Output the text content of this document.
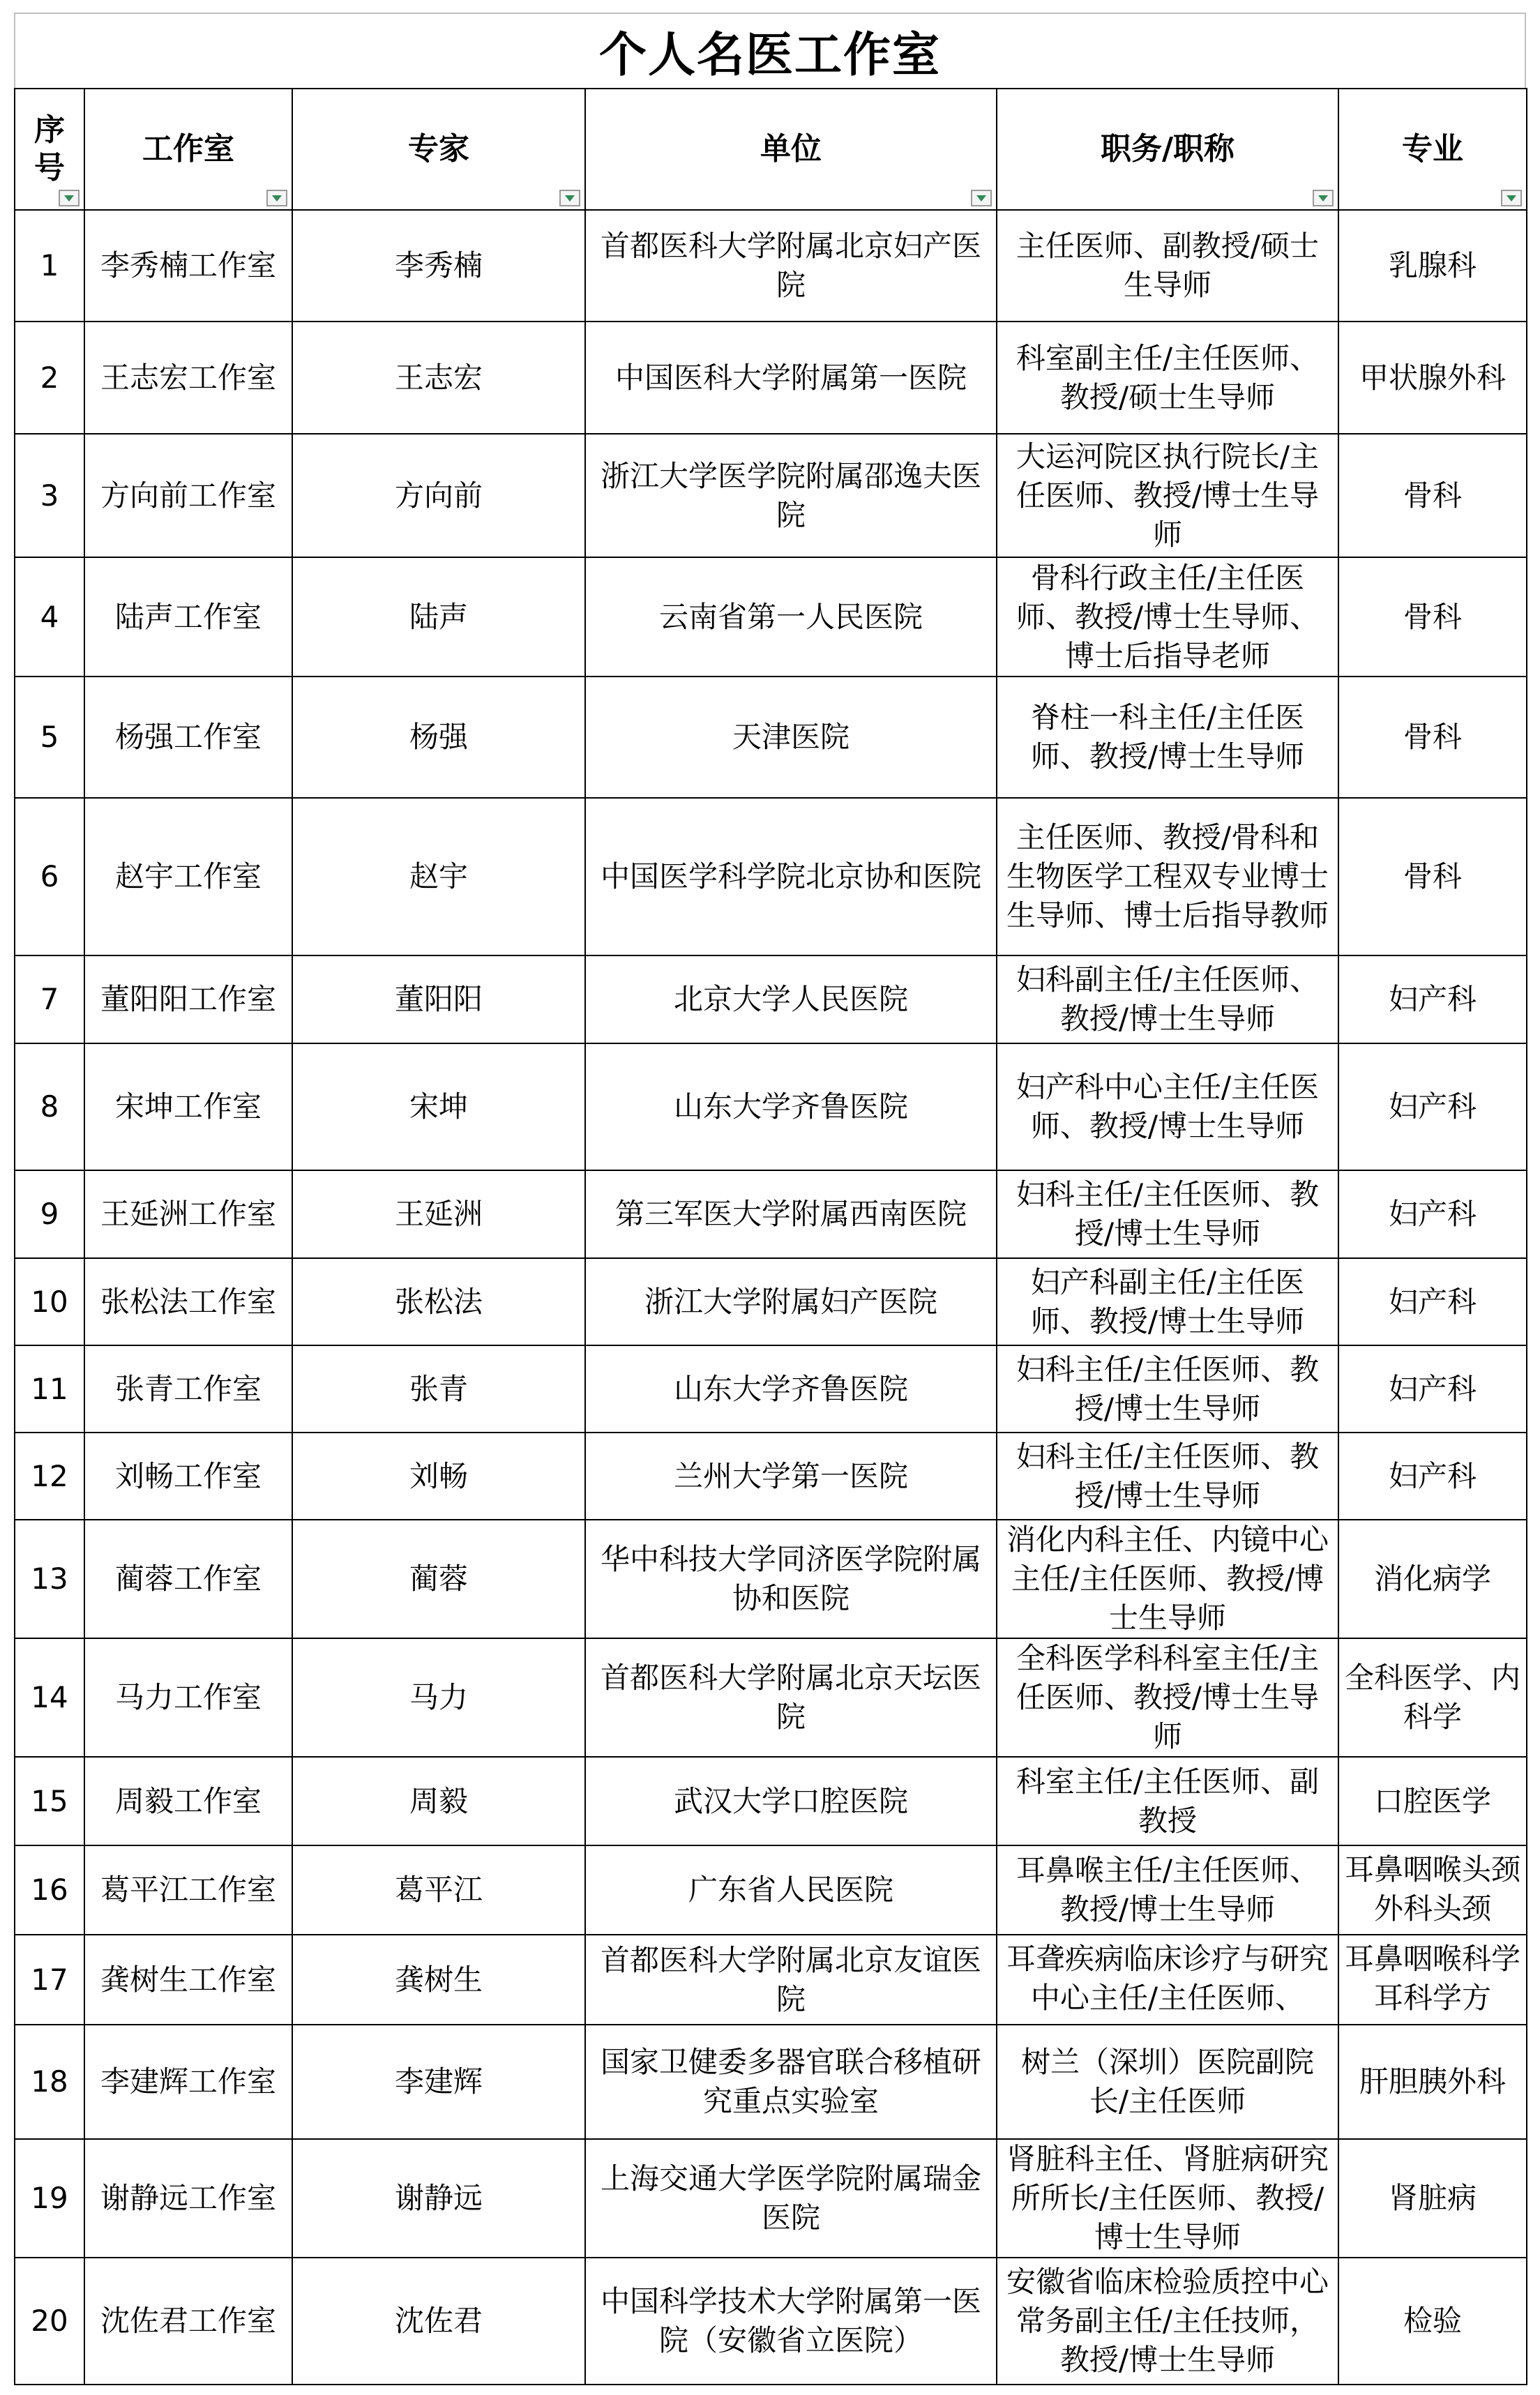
个人名医工作室
序号	工作室	专家	单位	职务/职称	专业

1	李秀楠工作室	李秀楠	首都医科大学附属北京妇产医院	主任医师、副教授/硕士生导师	乳腺科
2	王志宏工作室	王志宏	中国医科大学附属第一医院	科室副主任/主任医师、教授/硕士生导师	甲状腺外科
3	方向前工作室	方向前	浙江大学医学院附属邵逸夫医院	大运河院区执行院长/主任医师、教授/博士生导师	骨科
4	陆声工作室	陆声	云南省第一人民医院	骨科行政主任/主任医师、教授/博士生导师、博士后指导老师	骨科
5	杨强工作室	杨强	天津医院	脊柱一科主任/主任医师、教授/博士生导师	骨科
6	赵宇工作室	赵宇	中国医学科学院北京协和医院	主任医师、教授/骨科和生物医学工程双专业博士生导师、博士后指导教师	骨科
7	董阳阳工作室	董阳阳	北京大学人民医院	妇科副主任/主任医师、教授/博士生导师	妇产科
8	宋坤工作室	宋坤	山东大学齐鲁医院	妇产科中心主任/主任医师、教授/博士生导师	妇产科
9	王延洲工作室	王延洲	第三军医大学附属西南医院	妇科主任/主任医师、教授/博士生导师	妇产科
10	张松法工作室	张松法	浙江大学附属妇产医院	妇产科副主任/主任医师、教授/博士生导师	妇产科
11	张青工作室	张青	山东大学齐鲁医院	妇科主任/主任医师、教授/博士生导师	妇产科
12	刘畅工作室	刘畅	兰州大学第一医院	妇科主任/主任医师、教授/博士生导师	妇产科
13	蔺蓉工作室	蔺蓉	华中科技大学同济医学院附属协和医院	消化内科主任、内镜中心主任/主任医师、教授/博士生导师	消化病学
14	马力工作室	马力	首都医科大学附属北京天坛医院	全科医学科科室主任/主任医师、教授/博士生导师	全科医学、内科学
15	周毅工作室	周毅	武汉大学口腔医院	科室主任/主任医师、副教授	口腔医学
16	葛平江工作室	葛平江	广东省人民医院	耳鼻喉主任/主任医师、教授/博士生导师	耳鼻咽喉头颈外科头颈
17	龚树生工作室	龚树生	首都医科大学附属北京友谊医院	耳聋疾病临床诊疗与研究中心主任/主任医师、	耳鼻咽喉科学耳科学方
18	李建辉工作室	李建辉	国家卫健委多器官联合移植研究重点实验室	树兰（深圳）医院副院长/主任医师	肝胆胰外科
19	谢静远工作室	谢静远	上海交通大学医学院附属瑞金医院	肾脏科主任、肾脏病研究所所长/主任医师、教授/博士生导师	肾脏病
20	沈佐君工作室	沈佐君	中国科学技术大学附属第一医院（安徽省立医院）	安徽省临床检验质控中心常务副主任/主任技师，教授/博士生导师	检验
